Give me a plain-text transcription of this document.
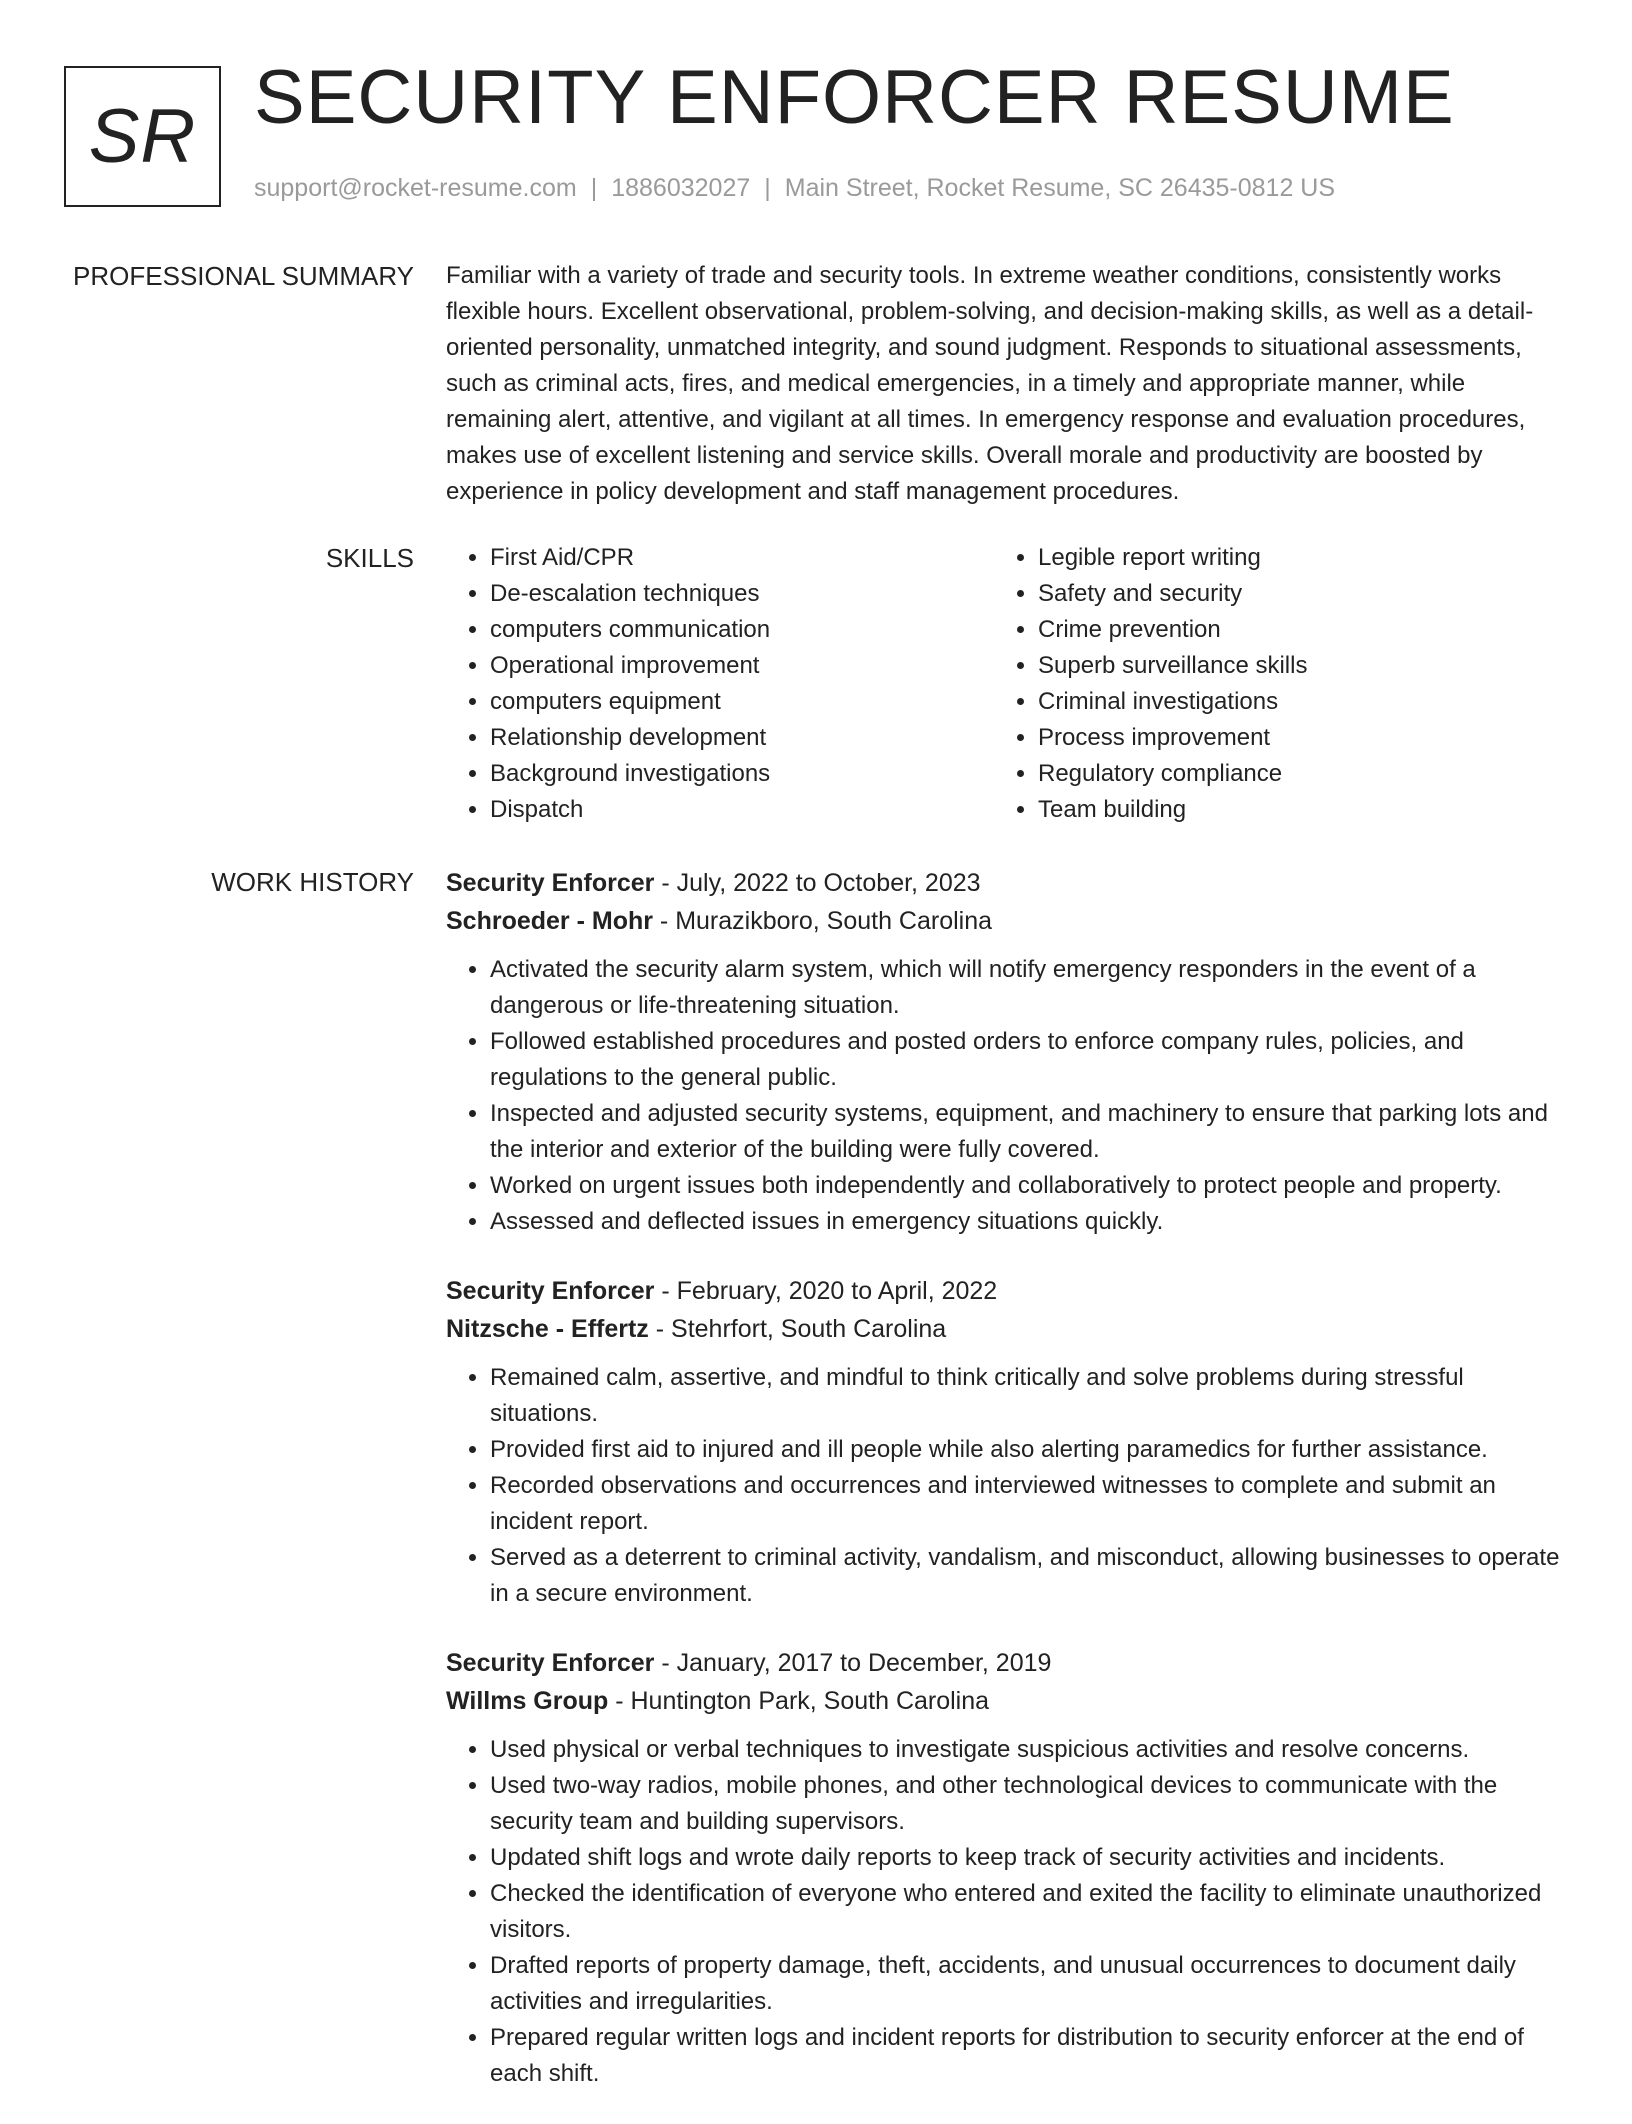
SR SECURITY ENFORCER RESUME
support@rocket-resume.com | 1886032027 | Main Street, Rocket Resume, SC 26435-0812 US
PROFESSIONAL SUMMARY Familiar with a variety of trade and security tools. In extreme weather conditions, consistently works flexible hours. Excellent observational, problem-solving, and decision-making skills, as well as a detail-oriented personality, unmatched integrity, and sound judgment. Responds to situational assessments, such as criminal acts, fires, and medical emergencies, in a timely and appropriate manner, while remaining alert, attentive, and vigilant at all times. In emergency response and evaluation procedures, makes use of excellent listening and service skills. Overall morale and productivity are boosted by experience in policy development and staff management procedures.

SKILLS
•	First Aid/CPR
• De-escalation techniques
• computers communication
• Operational improvement
• computers equipment
• Relationship development
• Background investigations
• Dispatch
• Legible report writing
• Safety and security
• Crime prevention
• Superb surveillance skills
• Criminal investigations
• Process improvement
• Regulatory compliance
• Team building
WORK HISTORY Security Enforcer - July, 2022 to October, 2023
Schroeder - Mohr - Murazikboro, South Carolina
• Activated the security alarm system, which will notify emergency responders in the event of a dangerous or life-threatening situation.
• Followed established procedures and posted orders to enforce company rules, policies, and regulations to the general public.
• Inspected and adjusted security systems, equipment, and machinery to ensure that parking lots and the interior and exterior of the building were fully covered.
• Worked on urgent issues both independently and collaboratively to protect people and property.
• Assessed and deflected issues in emergency situations quickly.
Security Enforcer - February, 2020 to April, 2022
Nitzsche - Effertz - Stehrfort, South Carolina
• Remained calm, assertive, and mindful to think critically and solve problems during stressful situations.
• Provided first aid to injured and ill people while also alerting paramedics for further assistance.
• Recorded observations and occurrences and interviewed witnesses to complete and submit an incident report.
• Served as a deterrent to criminal activity, vandalism, and misconduct, allowing businesses to operate in a secure environment.
Security Enforcer - January, 2017 to December, 2019
Willms Group - Huntington Park, South Carolina
• Used physical or verbal techniques to investigate suspicious activities and resolve concerns.
• Used two-way radios, mobile phones, and other technological devices to communicate with the security team and building supervisors.
• Updated shift logs and wrote daily reports to keep track of security activities and incidents.
• Checked the identification of everyone who entered and exited the facility to eliminate unauthorized visitors.
• Drafted reports of property damage, theft, accidents, and unusual occurrences to document daily activities and irregularities.
• Prepared regular written logs and incident reports for distribution to security enforcer at the end of each shift.
